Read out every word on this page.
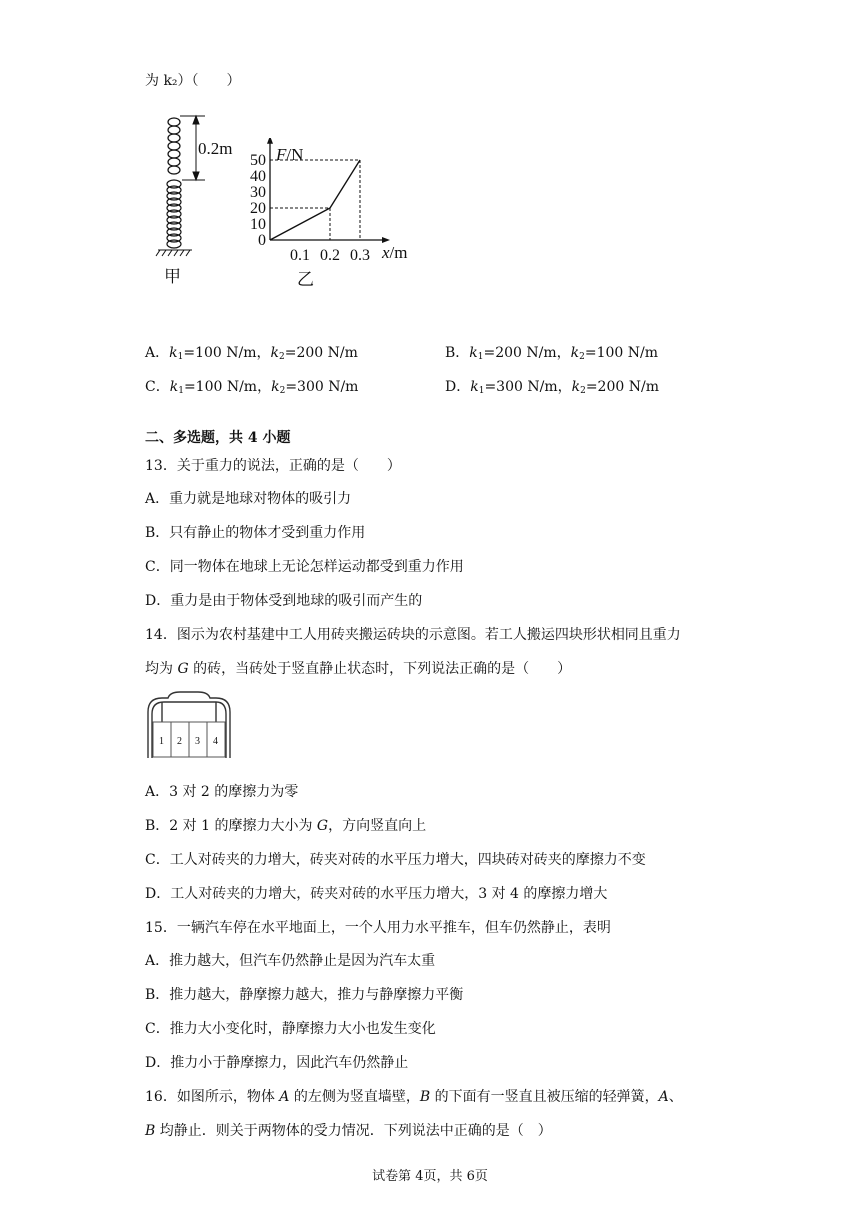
为 k₂）（　　）
0.2m
甲
F/N
x/m
乙
50
40
30
20
10
0
0.1 0.2 0.3
A．$k_1=100$ N/m，$k_2=200$ N/m	B．$k_1=200$ N/m，$k_2=100$ N/m
C．$k_1=100$ N/m，$k_2=300$ N/m	D．$k_1=300$ N/m，$k_2=200$ N/m
二、多选题，共 4 小题
13．关于重力的说法，正确的是（　　）
A．重力就是地球对物体的吸引力
B．只有静止的物体才受到重力作用
C．同一物体在地球上无论怎样运动都受到重力作用
D．重力是由于物体受到地球的吸引而产生的
14．图示为农村基建中工人用砖夹搬运砖块的示意图。若工人搬运四块形状相同且重力
均为 G 的砖，当砖处于竖直静止状态时，下列说法正确的是（　　）
1 2 3 4
A．3 对 2 的摩擦力为零
B．2 对 1 的摩擦力大小为 G，方向竖直向上
C．工人对砖夹的力增大，砖夹对砖的水平压力增大，四块砖对砖夹的摩擦力不变
D．工人对砖夹的力增大，砖夹对砖的水平压力增大，3 对 4 的摩擦力增大
15．一辆汽车停在水平地面上，一个人用力水平推车，但车仍然静止，表明
A．推力越大，但汽车仍然静止是因为汽车太重
B．推力越大，静摩擦力越大，推力与静摩擦力平衡
C．推力大小变化时，静摩擦力大小也发生变化
D．推力小于静摩擦力，因此汽车仍然静止
16．如图所示，物体 A 的左侧为竖直墙壁，B 的下面有一竖直且被压缩的轻弹簧，A、
B 均静止．则关于两物体的受力情况．下列说法中正确的是（　）
试卷第 4页，共 6页
